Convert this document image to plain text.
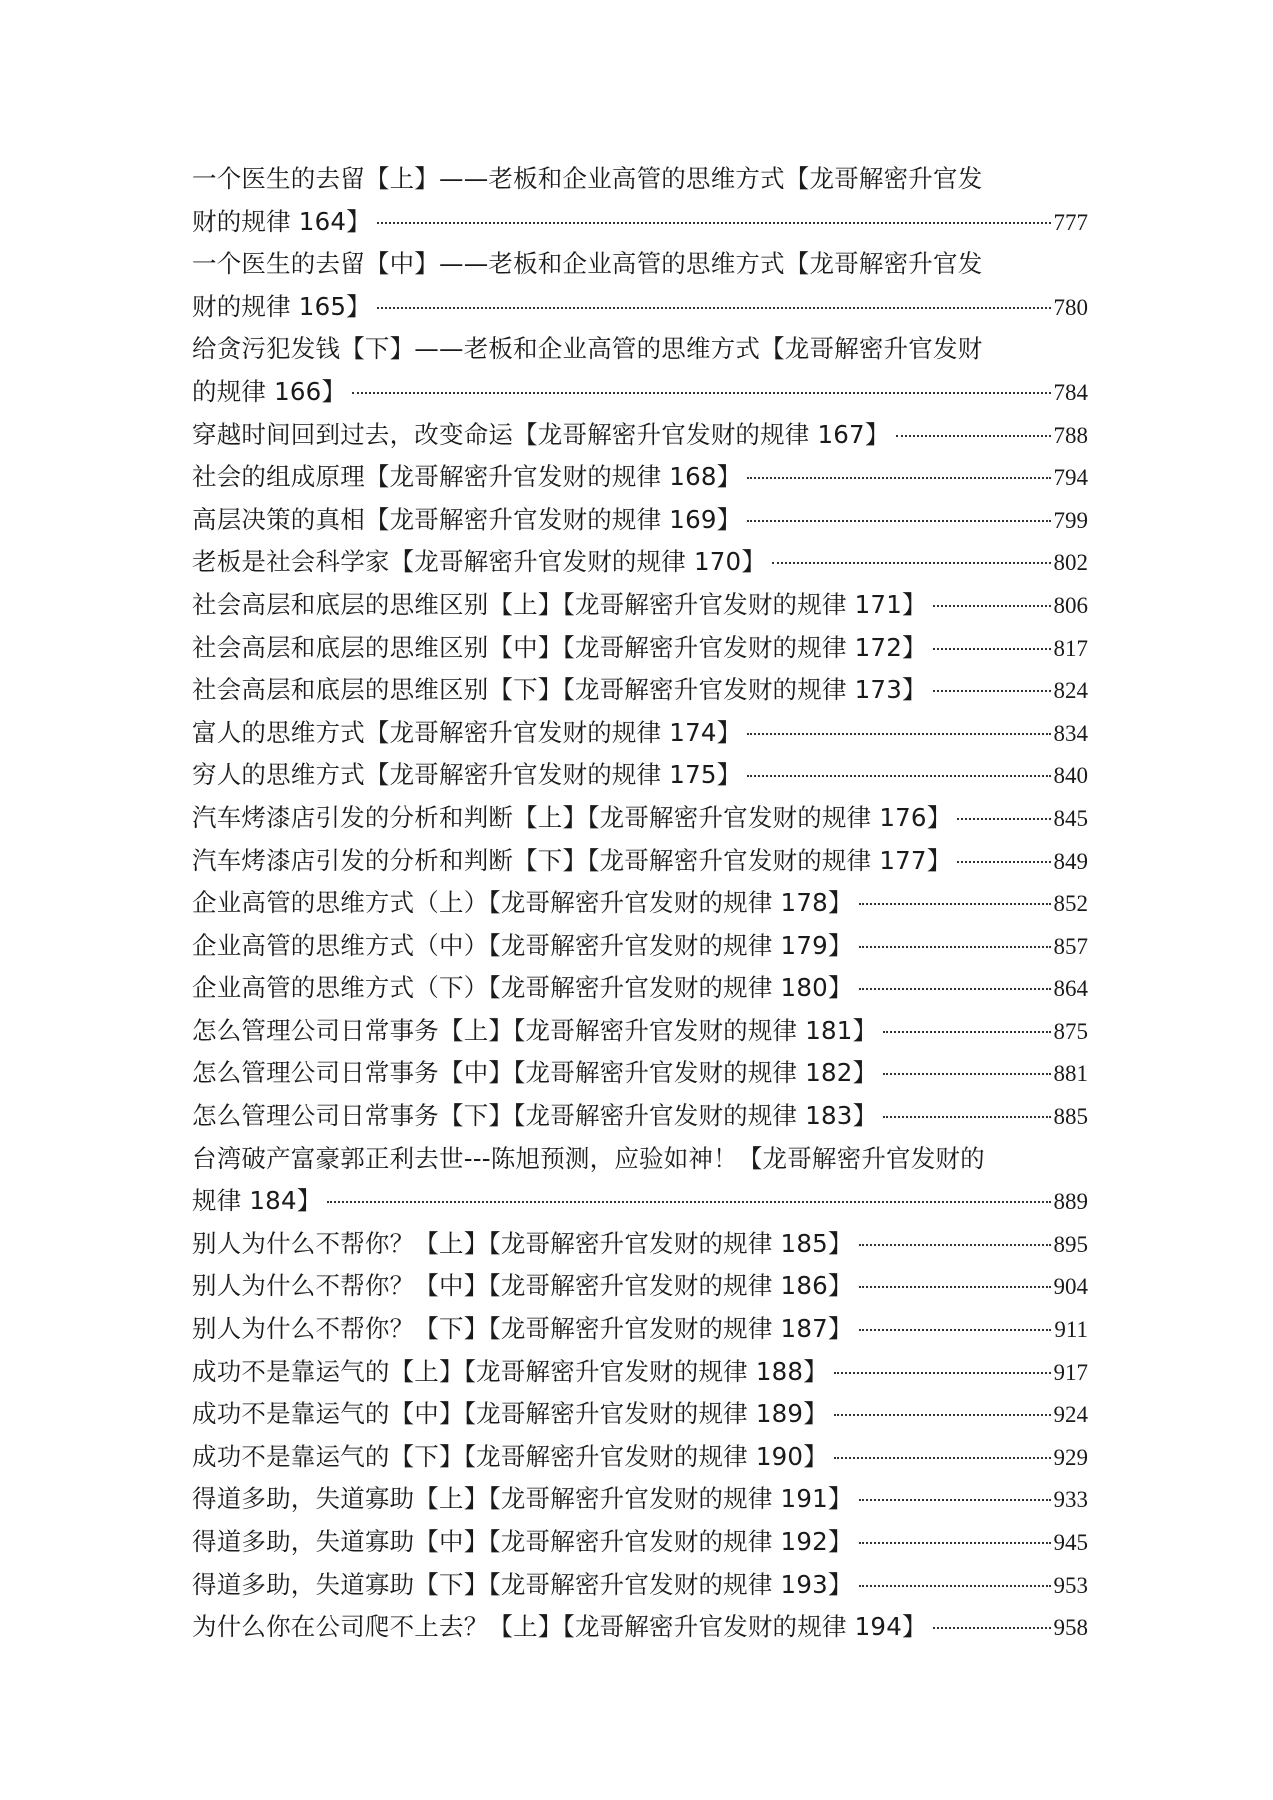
一个医生的去留【上】——老板和企业高管的思维方式【龙哥解密升官发
财的规律 164】	777
一个医生的去留【中】——老板和企业高管的思维方式【龙哥解密升官发
财的规律 165】	780
给贪污犯发钱【下】——老板和企业高管的思维方式【龙哥解密升官发财
的规律 166】	784
穿越时间回到过去，改变命运【龙哥解密升官发财的规律 167】	788
社会的组成原理【龙哥解密升官发财的规律 168】	794
高层决策的真相【龙哥解密升官发财的规律 169】	799
老板是社会科学家【龙哥解密升官发财的规律 170】	802
社会高层和底层的思维区别【上】【龙哥解密升官发财的规律 171】	806
社会高层和底层的思维区别【中】【龙哥解密升官发财的规律 172】	817
社会高层和底层的思维区别【下】【龙哥解密升官发财的规律 173】	824
富人的思维方式【龙哥解密升官发财的规律 174】	834
穷人的思维方式【龙哥解密升官发财的规律 175】	840
汽车烤漆店引发的分析和判断【上】【龙哥解密升官发财的规律 176】	845
汽车烤漆店引发的分析和判断【下】【龙哥解密升官发财的规律 177】	849
企业高管的思维方式（上）【龙哥解密升官发财的规律 178】	852
企业高管的思维方式（中）【龙哥解密升官发财的规律 179】	857
企业高管的思维方式（下）【龙哥解密升官发财的规律 180】	864
怎么管理公司日常事务【上】【龙哥解密升官发财的规律 181】	875
怎么管理公司日常事务【中】【龙哥解密升官发财的规律 182】	881
怎么管理公司日常事务【下】【龙哥解密升官发财的规律 183】	885
台湾破产富豪郭正利去世---陈旭预测，应验如神！【龙哥解密升官发财的
规律 184】	889
别人为什么不帮你？【上】【龙哥解密升官发财的规律 185】	895
别人为什么不帮你？【中】【龙哥解密升官发财的规律 186】	904
别人为什么不帮你？【下】【龙哥解密升官发财的规律 187】	911
成功不是靠运气的【上】【龙哥解密升官发财的规律 188】	917
成功不是靠运气的【中】【龙哥解密升官发财的规律 189】	924
成功不是靠运气的【下】【龙哥解密升官发财的规律 190】	929
得道多助，失道寡助【上】【龙哥解密升官发财的规律 191】	933
得道多助，失道寡助【中】【龙哥解密升官发财的规律 192】	945
得道多助，失道寡助【下】【龙哥解密升官发财的规律 193】	953
为什么你在公司爬不上去？【上】【龙哥解密升官发财的规律 194】	958
